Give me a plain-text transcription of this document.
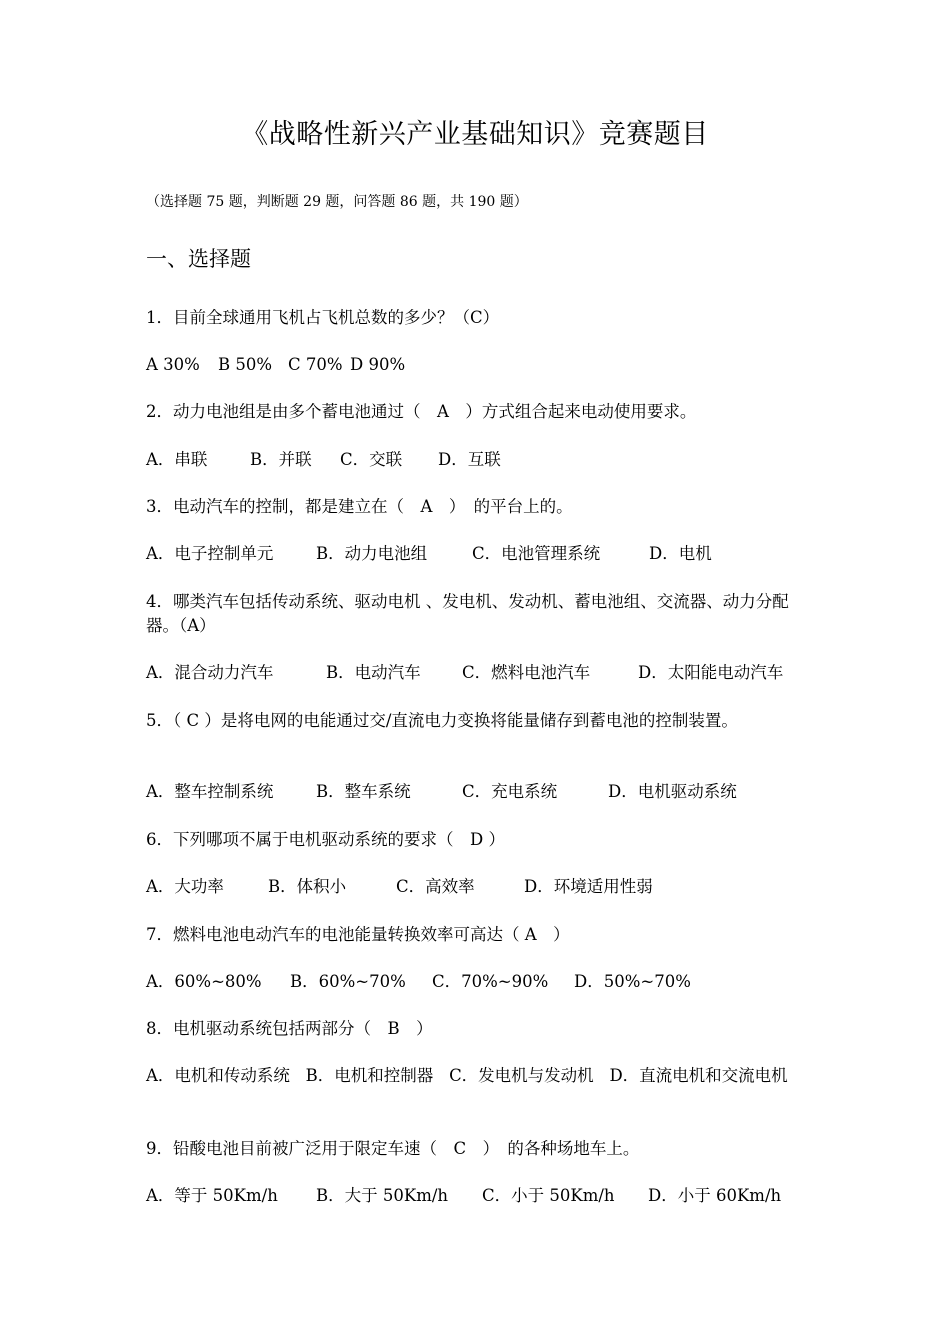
《战略性新兴产业基础知识》竞赛题目
（选择题 75 题，判断题 29 题，问答题 86 题，共 190 题）
一、选择题
1．目前全球通用飞机占飞机总数的多少？（C）
A 30% B 50% C 70% D 90%
2．动力电池组是由多个蓄电池通过（　A　）方式组合起来电动使用要求。
A．串联	B．并联 C．交联 D．互联
3．电动汽车的控制，都是建立在（　A　）　的平台上的。
A．电子控制单元	B．动力电池组	C．电池管理系统	D．电机
4．哪类汽车包括传动系统、驱动电机 、发电机、发动机、蓄电池组、交流器、动力分配器。（A）
A．混合动力汽车	B．电动汽车	C．燃料电池汽车	D．太阳能电动汽车
5．（ C ）是将电网的电能通过交/直流电力变换将能量储存到蓄电池的控制装置。
A．整车控制系统	B．整车系统	C．充电系统	D．电机驱动系统
6．下列哪项不属于电机驱动系统的要求（　D ）
A．大功率	B．体积小	C．高效率	D．环境适用性弱
7．燃料电池电动汽车的电池能量转换效率可高达（ A　）
A．60%~80% B．60%~70% C．70%~90% D．50%~70%
8．电机驱动系统包括两部分（　B　）
A．电机和传动系统 B．电机和控制器 C．发电机与发动机 D．直流电机和交流电机
9．铅酸电池目前被广泛用于限定车速（　C　）　的各种场地车上。
A．等于 50Km/h B．大于 50Km/h C．小于 50Km/h D．小于 60Km/h
